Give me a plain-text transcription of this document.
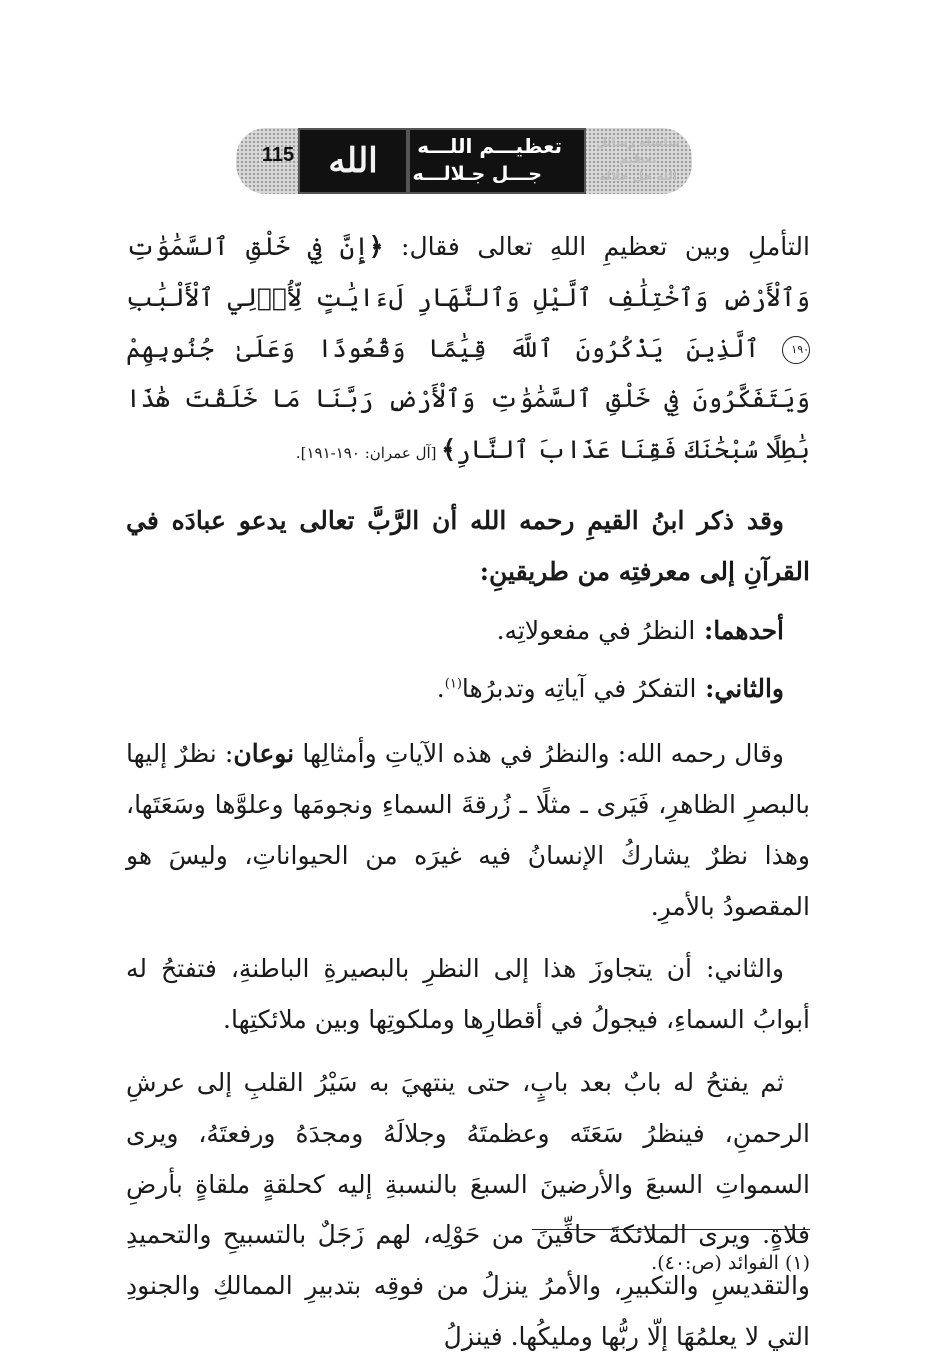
115	الله تعظيـــم اللـــه
جـــل جـلالـــه
سلسلة رسائل
تعظيم
الله جل جلاله

التأملِ وبين تعظيمِ اللهِ تعالى فقال: ﴿إِنَّ فِي خَلْقِ ٱلسَّمَٰوَٰتِ وَٱلْأَرْضِ وَٱخْتِلَٰفِ ٱلَّيْلِ وَٱلنَّهَارِ لَءَايَٰتٍ لِّأُو۟لِي ٱلْأَلْبَٰبِ ١٩٠ ٱلَّذِينَ يَذْكُرُونَ ٱللَّهَ قِيَٰمًا وَقُعُودًا وَعَلَىٰ جُنُوبِهِمْ وَيَتَفَكَّرُونَ فِي خَلْقِ ٱلسَّمَٰوَٰتِ وَٱلْأَرْضِ رَبَّنَا مَا خَلَقْتَ هَٰذَا بَٰطِلًا سُبْحَٰنَكَ فَقِنَا عَذَابَ ٱلنَّارِ﴾ [آل عمران: ١٩٠-١٩١].

وقد ذكر ابنُ القيمِ رحمه الله أن الرَّبَّ تعالى يدعو عبادَه في القرآنِ إلى معرفتِه من طريقينِ:

أحدهما: النظرُ في مفعولاتِه.

والثاني: التفكرُ في آياتِه وتدبرُها$^{(١)}$.

وقال رحمه الله: والنظرُ في هذه الآياتِ وأمثالِها نوعان: نظرٌ إليها بالبصرِ الظاهرِ، فَيَرى ـ مثلًا ـ زُرقةَ السماءِ ونجومَها وعلوَّها وسَعَتَها، وهذا نظرٌ يشاركُ الإنسانُ فيه غيرَه من الحيواناتِ، وليسَ هو المقصودُ بالأمرِ.

والثاني: أن يتجاوزَ هذا إلى النظرِ بالبصيرةِ الباطنةِ، فتفتحُ له أبوابُ السماءِ، فيجولُ في أقطارِها وملكوتِها وبين ملائكتِها.

ثم يفتحُ له بابٌ بعد بابٍ، حتى ينتهيَ به سَيْرُ القلبِ إلى عرشِ الرحمنِ، فينظرُ سَعَتَه وعظمتَهُ وجلالَهُ ومجدَهُ ورفعتَهُ، ويرى السمواتِ السبعَ والأرضينَ السبعَ بالنسبةِ إليه كحلقةٍ ملقاةٍ بأرضِ فلاةٍ. ويرى الملائكةَ حافِّينَ من حَوْلِه، لهم زَجَلٌ بالتسبيحِ والتحميدِ والتقديسِ والتكبيرِ، والأمرُ ينزلُ من فوقِه بتدبيرِ الممالكِ والجنودِ التي لا يعلمُهَا إلّا ربُّها ومليكُها. فينزلُ

(١) الفوائد (ص:٤٠).
